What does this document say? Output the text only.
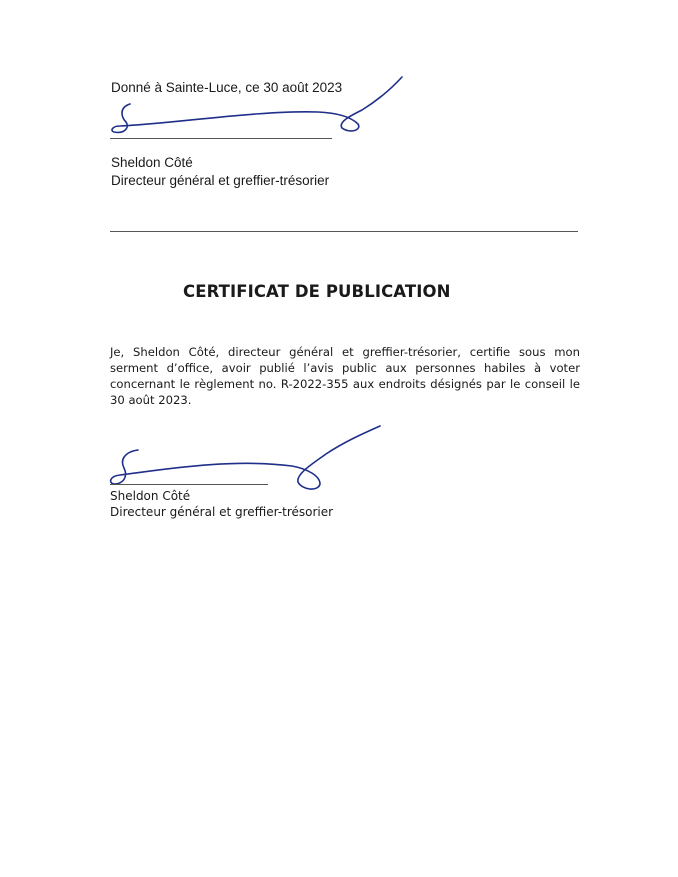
Donné à Sainte-Luce, ce 30 août 2023
Sheldon Côté
Directeur général et greffier-trésorier
CERTIFICAT DE PUBLICATION
Je, Sheldon Côté, directeur général et greffier-trésorier, certifie sous mon serment d’office, avoir publié l’avis public aux personnes habiles à voter concernant le règlement no. R-2022-355 aux endroits désignés par le conseil le 30 août 2023.
Sheldon Côté
Directeur général et greffier-trésorier
